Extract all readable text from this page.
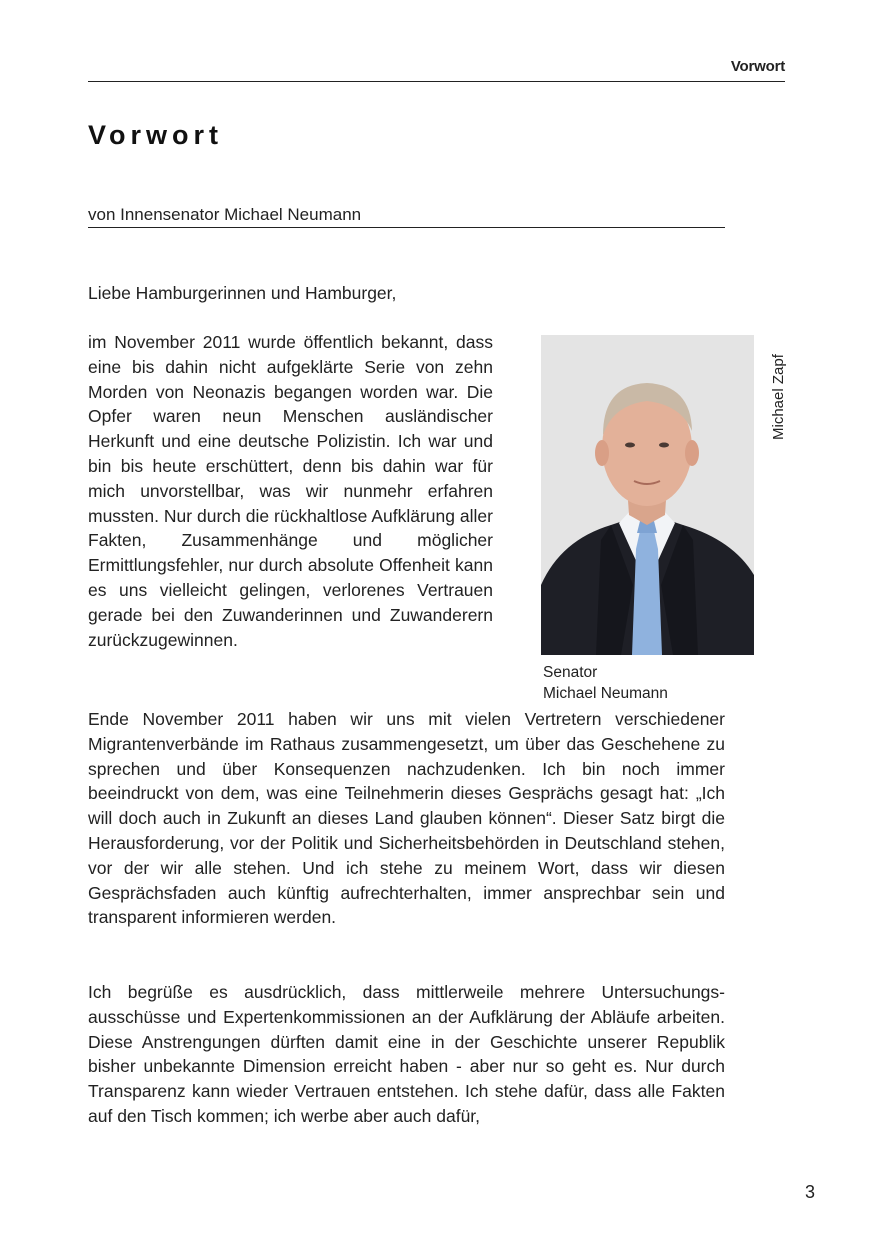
Vorwort
Vorwort
von Innensenator Michael Neumann
Liebe Hamburgerinnen und Hamburger,

im November 2011 wurde öffentlich bekannt, dass eine bis dahin nicht aufgeklärte Serie von zehn Morden von Neonazis begangen worden war. Die Opfer waren neun Menschen ausländischer Herkunft und eine deutsche Polizistin. Ich war und bin bis heute erschüttert, denn bis dahin war für mich unvorstellbar, was wir nunmehr erfahren mussten. Nur durch die rückhaltlose Aufklärung aller Fakten, Zusammenhänge und möglicher Ermittlungsfehler, nur durch absolute Offenheit kann es uns vielleicht gelingen, verlorenes Vertrauen gerade bei den Zuwanderinnen und Zuwanderern zurückzugewinnen.

Michael Zapf
Senator
Michael Neumann

Ende November 2011 haben wir uns mit vielen Vertretern verschiedener Migrantenverbände im Rathaus zusammengesetzt, um über das Geschehene zu sprechen und über Konsequenzen nachzudenken. Ich bin noch immer beeindruckt von dem, was eine Teilnehmerin dieses Gesprächs gesagt hat: „Ich will doch auch in Zukunft an dieses Land glauben können“. Dieser Satz birgt die Herausforderung, vor der Politik und Sicherheitsbehörden in Deutschland stehen, vor der wir alle stehen. Und ich stehe zu meinem Wort, dass wir diesen Gesprächsfaden auch künftig aufrechterhalten, immer ansprechbar sein und transparent informieren werden.

Ich begrüße es ausdrücklich, dass mittlerweile mehrere Untersuchungsausschüsse und Expertenkommissionen an der Aufklärung der Abläufe arbeiten. Diese Anstrengungen dürften damit eine in der Geschichte unserer Republik bisher unbekannte Dimension erreicht haben - aber nur so geht es. Nur durch Transparenz kann wieder Vertrauen entstehen. Ich stehe dafür, dass alle Fakten auf den Tisch kommen; ich werbe aber auch dafür,

3
